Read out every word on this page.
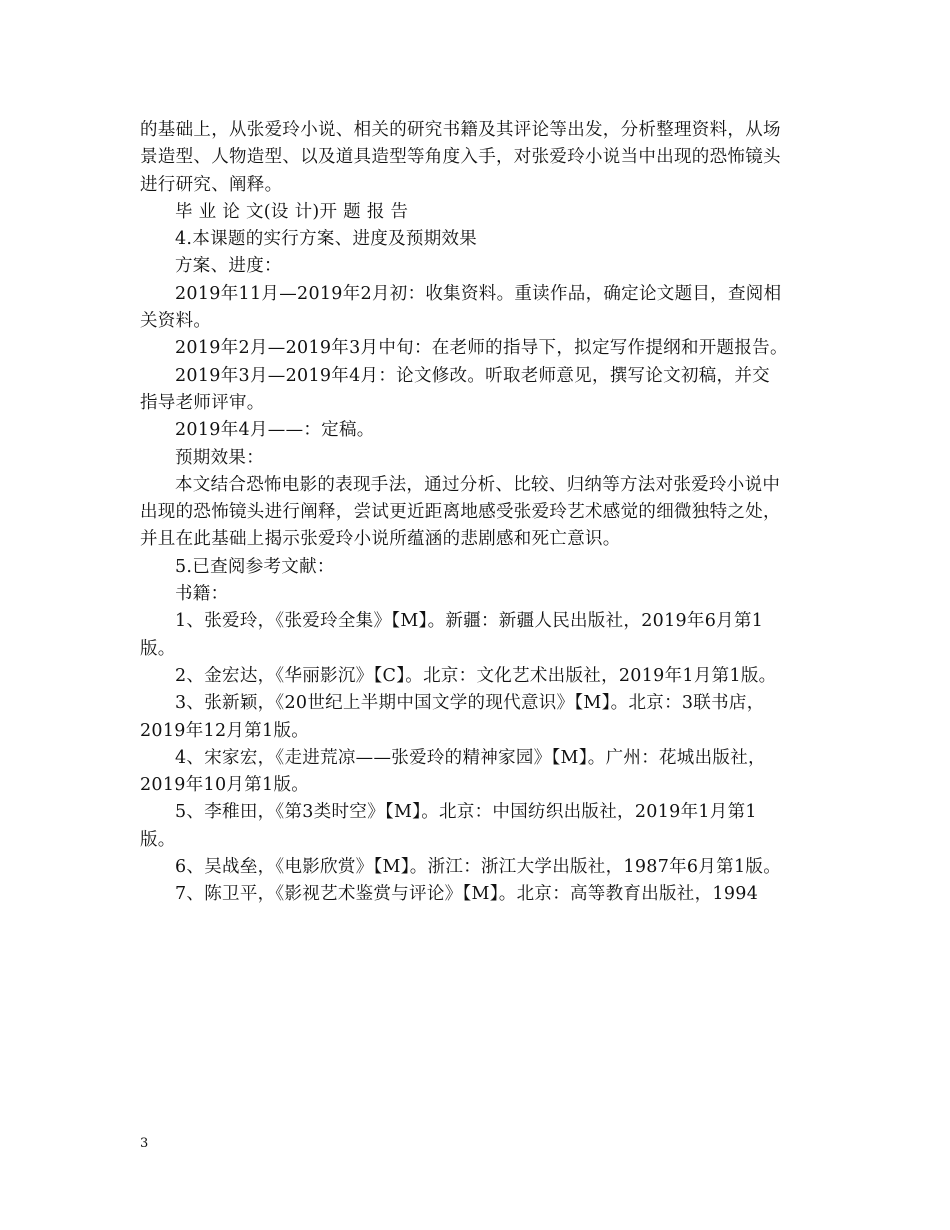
的基础上，从张爱玲小说、相关的研究书籍及其评论等出发，分析整理资料，从场
景造型、人物造型、以及道具造型等角度入手，对张爱玲小说当中出现的恐怖镜头
进行研究、阐释。
毕 业 论 文(设 计)开 题 报 告
4.本课题的实行方案、进度及预期效果
方案、进度：
2019年11月—2019年2月初：收集资料。重读作品，确定论文题目，查阅相
关资料。
2019年2月—2019年3月中旬：在老师的指导下，拟定写作提纲和开题报告。
2019年3月—2019年4月：论文修改。听取老师意见，撰写论文初稿，并交
指导老师评审。
2019年4月——：定稿。
预期效果：
本文结合恐怖电影的表现手法，通过分析、比较、归纳等方法对张爱玲小说中
出现的恐怖镜头进行阐释，尝试更近距离地感受张爱玲艺术感觉的细微独特之处，
并且在此基础上揭示张爱玲小说所蕴涵的悲剧感和死亡意识。
5.已查阅参考文献：
书籍：
1、张爱玲，《张爱玲全集》【M】。新疆：新疆人民出版社，2019年6月第1
版。
2、金宏达，《华丽影沉》【C】。北京：文化艺术出版社，2019年1月第1版。
3、张新颖，《20世纪上半期中国文学的现代意识》【M】。北京：3联书店，
2019年12月第1版。
4、宋家宏，《走进荒凉——张爱玲的精神家园》【M】。广州：花城出版社，
2019年10月第1版。
5、李稚田，《第3类时空》【M】。北京：中国纺织出版社，2019年1月第1
版。
6、吴战垒，《电影欣赏》【M】。浙江：浙江大学出版社，1987年6月第1版。
7、陈卫平，《影视艺术鉴赏与评论》【M】。北京：高等教育出版社，1994
3
